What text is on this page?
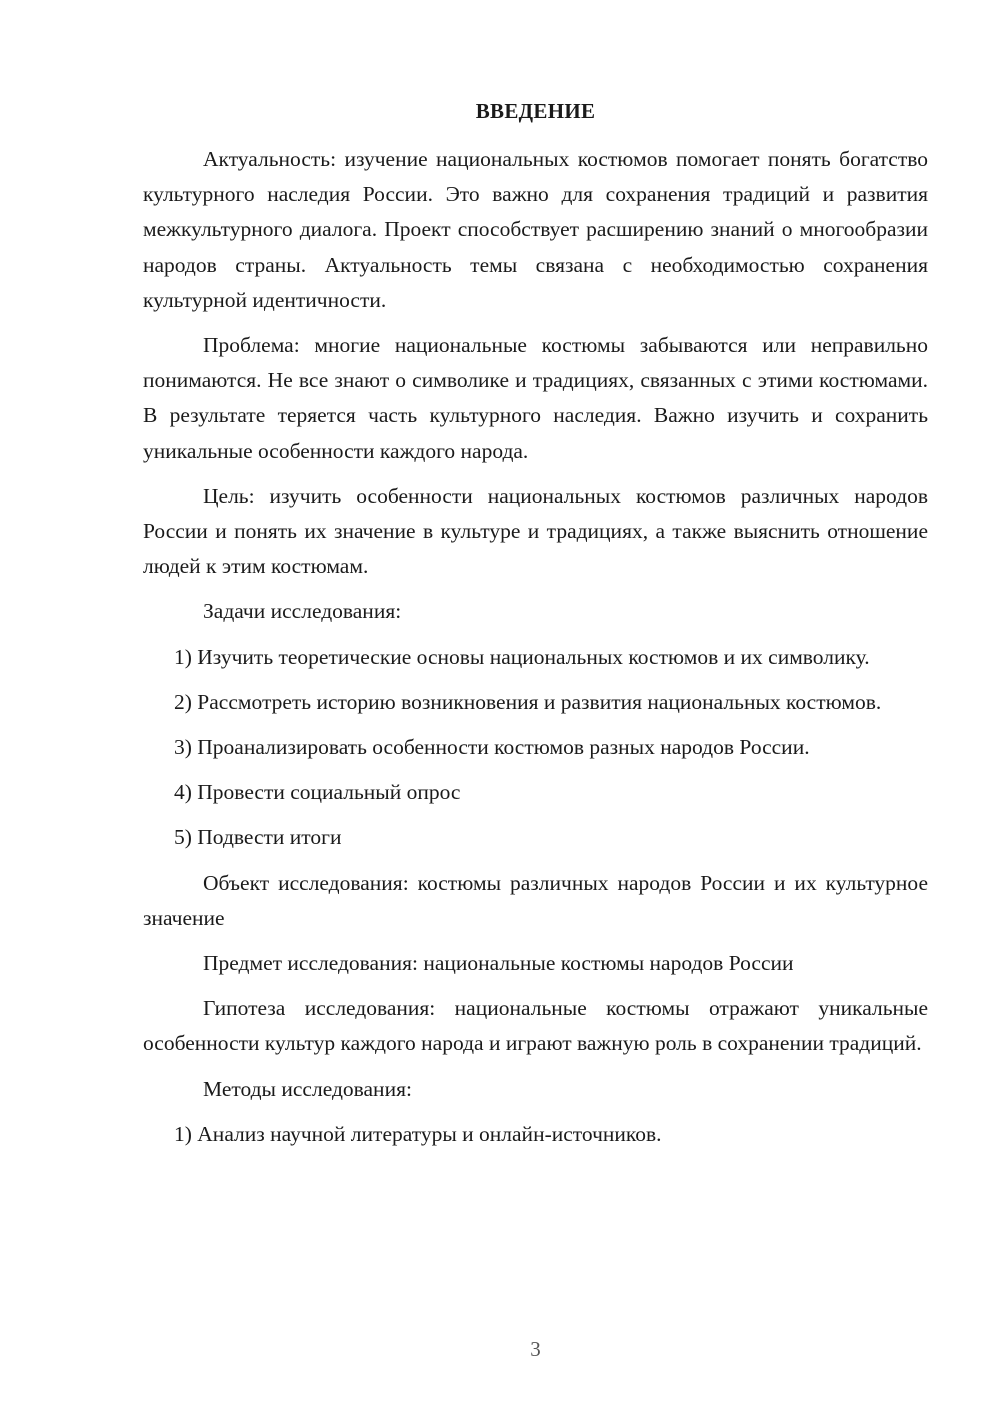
ВВЕДЕНИЕ

Актуальность: изучение национальных костюмов помогает понять богатство культурного наследия России. Это важно для сохранения традиций и развития межкультурного диалога. Проект способствует расширению знаний о многообразии народов страны. Актуальность темы связана с необходимостью сохранения культурной идентичности.

Проблема: многие национальные костюмы забываются или неправильно понимаются. Не все знают о символике и традициях, связанных с этими костюмами. В результате теряется часть культурного наследия. Важно изучить и сохранить уникальные особенности каждого народа.

Цель: изучить особенности национальных костюмов различных народов России и понять их значение в культуре и традициях, а также выяснить отношение людей к этим костюмам.

Задачи исследования:

1) Изучить теоретические основы национальных костюмов и их символику.

2) Рассмотреть историю возникновения и развития национальных костюмов.

3) Проанализировать особенности костюмов разных народов России.

4) Провести социальный опрос

5) Подвести итоги

Объект исследования: костюмы различных народов России и их культурное значение

Предмет исследования: национальные костюмы народов России

Гипотеза исследования: национальные костюмы отражают уникальные особенности культур каждого народа и играют важную роль в сохранении традиций.

Методы исследования:

1) Анализ научной литературы и онлайн-источников.

3
